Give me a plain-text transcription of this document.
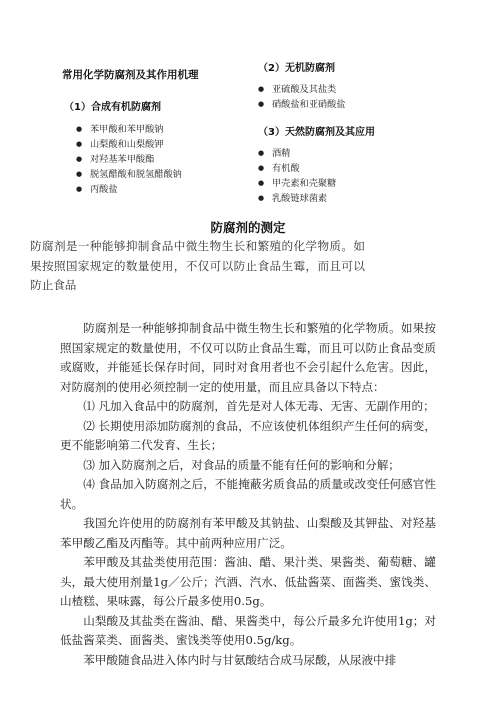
常用化学防腐剂及其作用机理
（1）合成有机防腐剂
● 苯甲酸和苯甲酸钠
● 山梨酸和山梨酸钾
● 对羟基苯甲酸酯
● 脱氢醋酸和脱氢醋酸钠
● 丙酸盐
（2）无机防腐剂
● 亚硫酸及其盐类
● 硝酸盐和亚硝酸盐
（3）天然防腐剂及其应用
● 酒精
● 有机酸
● 甲壳素和壳聚糖
● 乳酸链球菌素
防腐剂的测定
防腐剂是一种能够抑制食品中微生物生长和繁殖的化学物质。如果按照国家规定的数量使用，不仅可以防止食品生霉，而且可以防止食品
防腐剂是一种能够抑制食品中微生物生长和繁殖的化学物质。如果按照国家规定的数量使用，不仅可以防止食品生霉，而且可以防止食品变质或腐败，并能延长保存时间，同时对食用者也不会引起什么危害。因此，对防腐剂的使用必须控制一定的使用量，而且应具备以下特点：
⑴ 凡加入食品中的防腐剂，首先是对人体无毒、无害、无副作用的；
⑵ 长期使用添加防腐剂的食品，不应该使机体组织产生任何的病变，更不能影响第二代发育、生长；
⑶ 加入防腐剂之后，对食品的质量不能有任何的影响和分解；
⑷ 食品加入防腐剂之后，不能掩蔽劣质食品的质量或改变任何感官性状。
我国允许使用的防腐剂有苯甲酸及其钠盐、山梨酸及其钾盐、对羟基苯甲酸乙酯及丙酯等。其中前两种应用广泛。
苯甲酸及其盐类使用范围：酱油、醋、果汁类、果酱类、葡萄糖、罐头，最大使用剂量1g／公斤；汽酒、汽水、低盐酱菜、面酱类、蜜饯类、山楂糕、果味露，每公斤最多使用0.5g。
山梨酸及其盐类在酱油、醋、果酱类中，每公斤最多允许使用1g；对低盐酱菜类、面酱类、蜜饯类等使用0.5g/kg。
苯甲酸随食品进入体内时与甘氨酸结合成马尿酸，从尿液中排
